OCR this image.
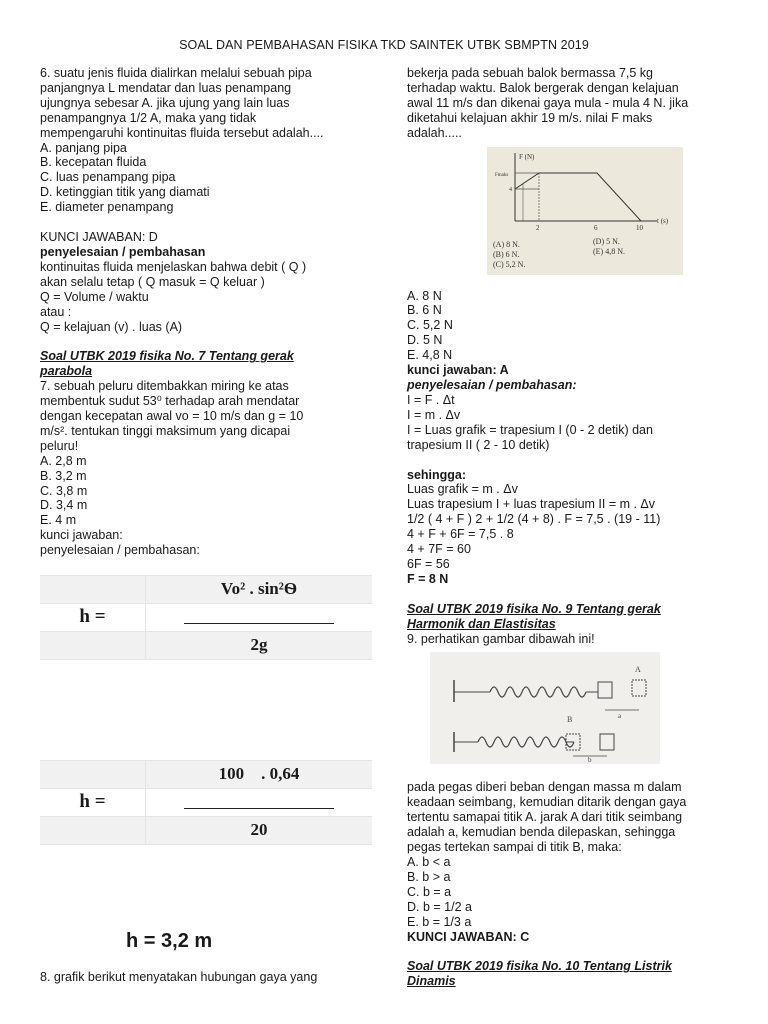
SOAL DAN PEMBAHASAN FISIKA TKD SAINTEK UTBK SBMPTN 2019
6. suatu jenis fluida dialirkan melalui sebuah pipa
panjangnya L mendatar dan luas penampang
ujungnya sebesar A. jika ujung yang lain luas
penampangnya 1/2 A, maka yang tidak
mempengaruhi kontinuitas fluida tersebut adalah....
A. panjang pipa
B. kecepatan fluida
C. luas penampang pipa
D. ketinggian titik yang diamati
E. diameter penampang
KUNCI JAWABAN: D
penyelesaian / pembahasan
kontinuitas fluida menjelaskan bahwa debit ( Q )
akan selalu tetap ( Q masuk = Q keluar )
Q = Volume / waktu
atau :
Q = kelajuan (v) . luas (A)
Soal UTBK 2019 fisika No. 7 Tentang gerak
parabola
7. sebuah peluru ditembakkan miring ke atas
membentuk sudut 53⁰ terhadap arah mendatar
dengan kecepatan awal vo = 10 m/s dan g = 10
m/s². tentukan tinggi maksimum yang dicapai
peluru!
A. 2,8 m
B. 3,2 m
C. 3,8 m
D. 3,4 m
E. 4 m
kunci jawaban:
penyelesaian / pembahasan:
	Vo² . sin²Ѳ
h =	
	2g
	100    . 0,64
h =	
	20
h = 3,2 m
8. grafik berikut menyatakan hubungan gaya yang
bekerja pada sebuah balok bermassa 7,5 kg
terhadap waktu. Balok bergerak dengan kelajuan
awal 11 m/s dan dikenai gaya mula - mula 4 N. jika
diketahui kelajuan akhir 19 m/s. nilai F maks
adalah.....
F (N)
Fmaks
4
2	6	10
t (s)
(A) 8 N.
(B) 6 N.
(C) 5,2 N.
(D) 5 N.
(E) 4,8 N.
A. 8 N
B. 6 N
C. 5,2 N
D. 5 N
E. 4,8 N
kunci jawaban: A
penyelesaian / pembahasan:
I = F . Δt
I = m . Δv
I = Luas grafik = trapesium I (0 - 2 detik) dan
trapesium II ( 2 - 10 detik)
sehingga:
Luas grafik = m . Δv
Luas trapesium I + luas trapesium II = m . Δv
1/2 ( 4 + F ) 2 + 1/2 (4 + 8) . F = 7,5 . (19 - 11)
4 + F + 6F = 7,5 . 8
4 + 7F = 60
6F = 56
F = 8 N
Soal UTBK 2019 fisika No. 9 Tentang gerak
Harmonik dan Elastisitas
9. perhatikan gambar dibawah ini!
A
a
B
b
pada pegas diberi beban dengan massa m dalam
keadaan seimbang, kemudian ditarik dengan gaya
tertentu samapai titik A. jarak A dari titik seimbang
adalah a, kemudian benda dilepaskan, sehingga
pegas tertekan sampai di titik B, maka:
A. b < a
B. b > a
C. b = a
D. b = 1/2 a
E. b = 1/3 a
KUNCI JAWABAN: C
Soal UTBK 2019 fisika No. 10 Tentang Listrik
Dinamis
